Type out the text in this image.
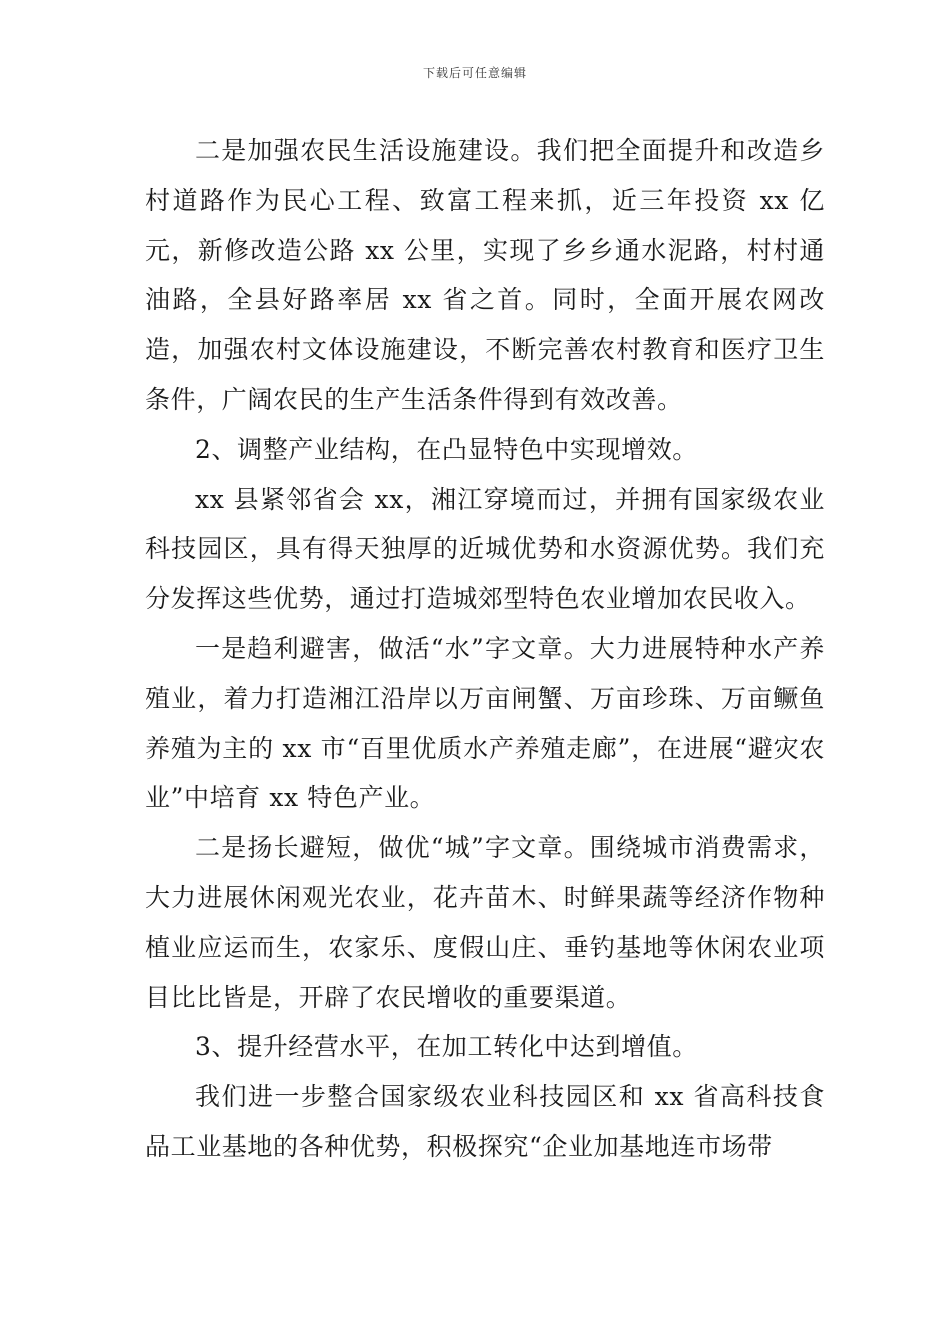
下载后可任意编辑

二是加强农民生活设施建设。我们把全面提升和改造乡村道路作为民心工程、致富工程来抓，近三年投资 xx 亿元，新修改造公路 xx 公里，实现了乡乡通水泥路，村村通油路，全县好路率居 xx 省之首。同时，全面开展农网改造，加强农村文体设施建设，不断完善农村教育和医疗卫生条件，广阔农民的生产生活条件得到有效改善。

2、调整产业结构，在凸显特色中实现增效。

xx 县紧邻省会 xx，湘江穿境而过，并拥有国家级农业科技园区，具有得天独厚的近城优势和水资源优势。我们充分发挥这些优势，通过打造城郊型特色农业增加农民收入。

一是趋利避害，做活“水”字文章。大力进展特种水产养殖业，着力打造湘江沿岸以万亩闸蟹、万亩珍珠、万亩鳜鱼养殖为主的 xx 市“百里优质水产养殖走廊”，在进展“避灾农业”中培育 xx 特色产业。

二是扬长避短，做优“城”字文章。围绕城市消费需求，大力进展休闲观光农业，花卉苗木、时鲜果蔬等经济作物种植业应运而生，农家乐、度假山庄、垂钓基地等休闲农业项目比比皆是，开辟了农民增收的重要渠道。

3、提升经营水平，在加工转化中达到增值。

我们进一步整合国家级农业科技园区和 xx 省高科技食品工业基地的各种优势，积极探究“企业加基地连市场带
